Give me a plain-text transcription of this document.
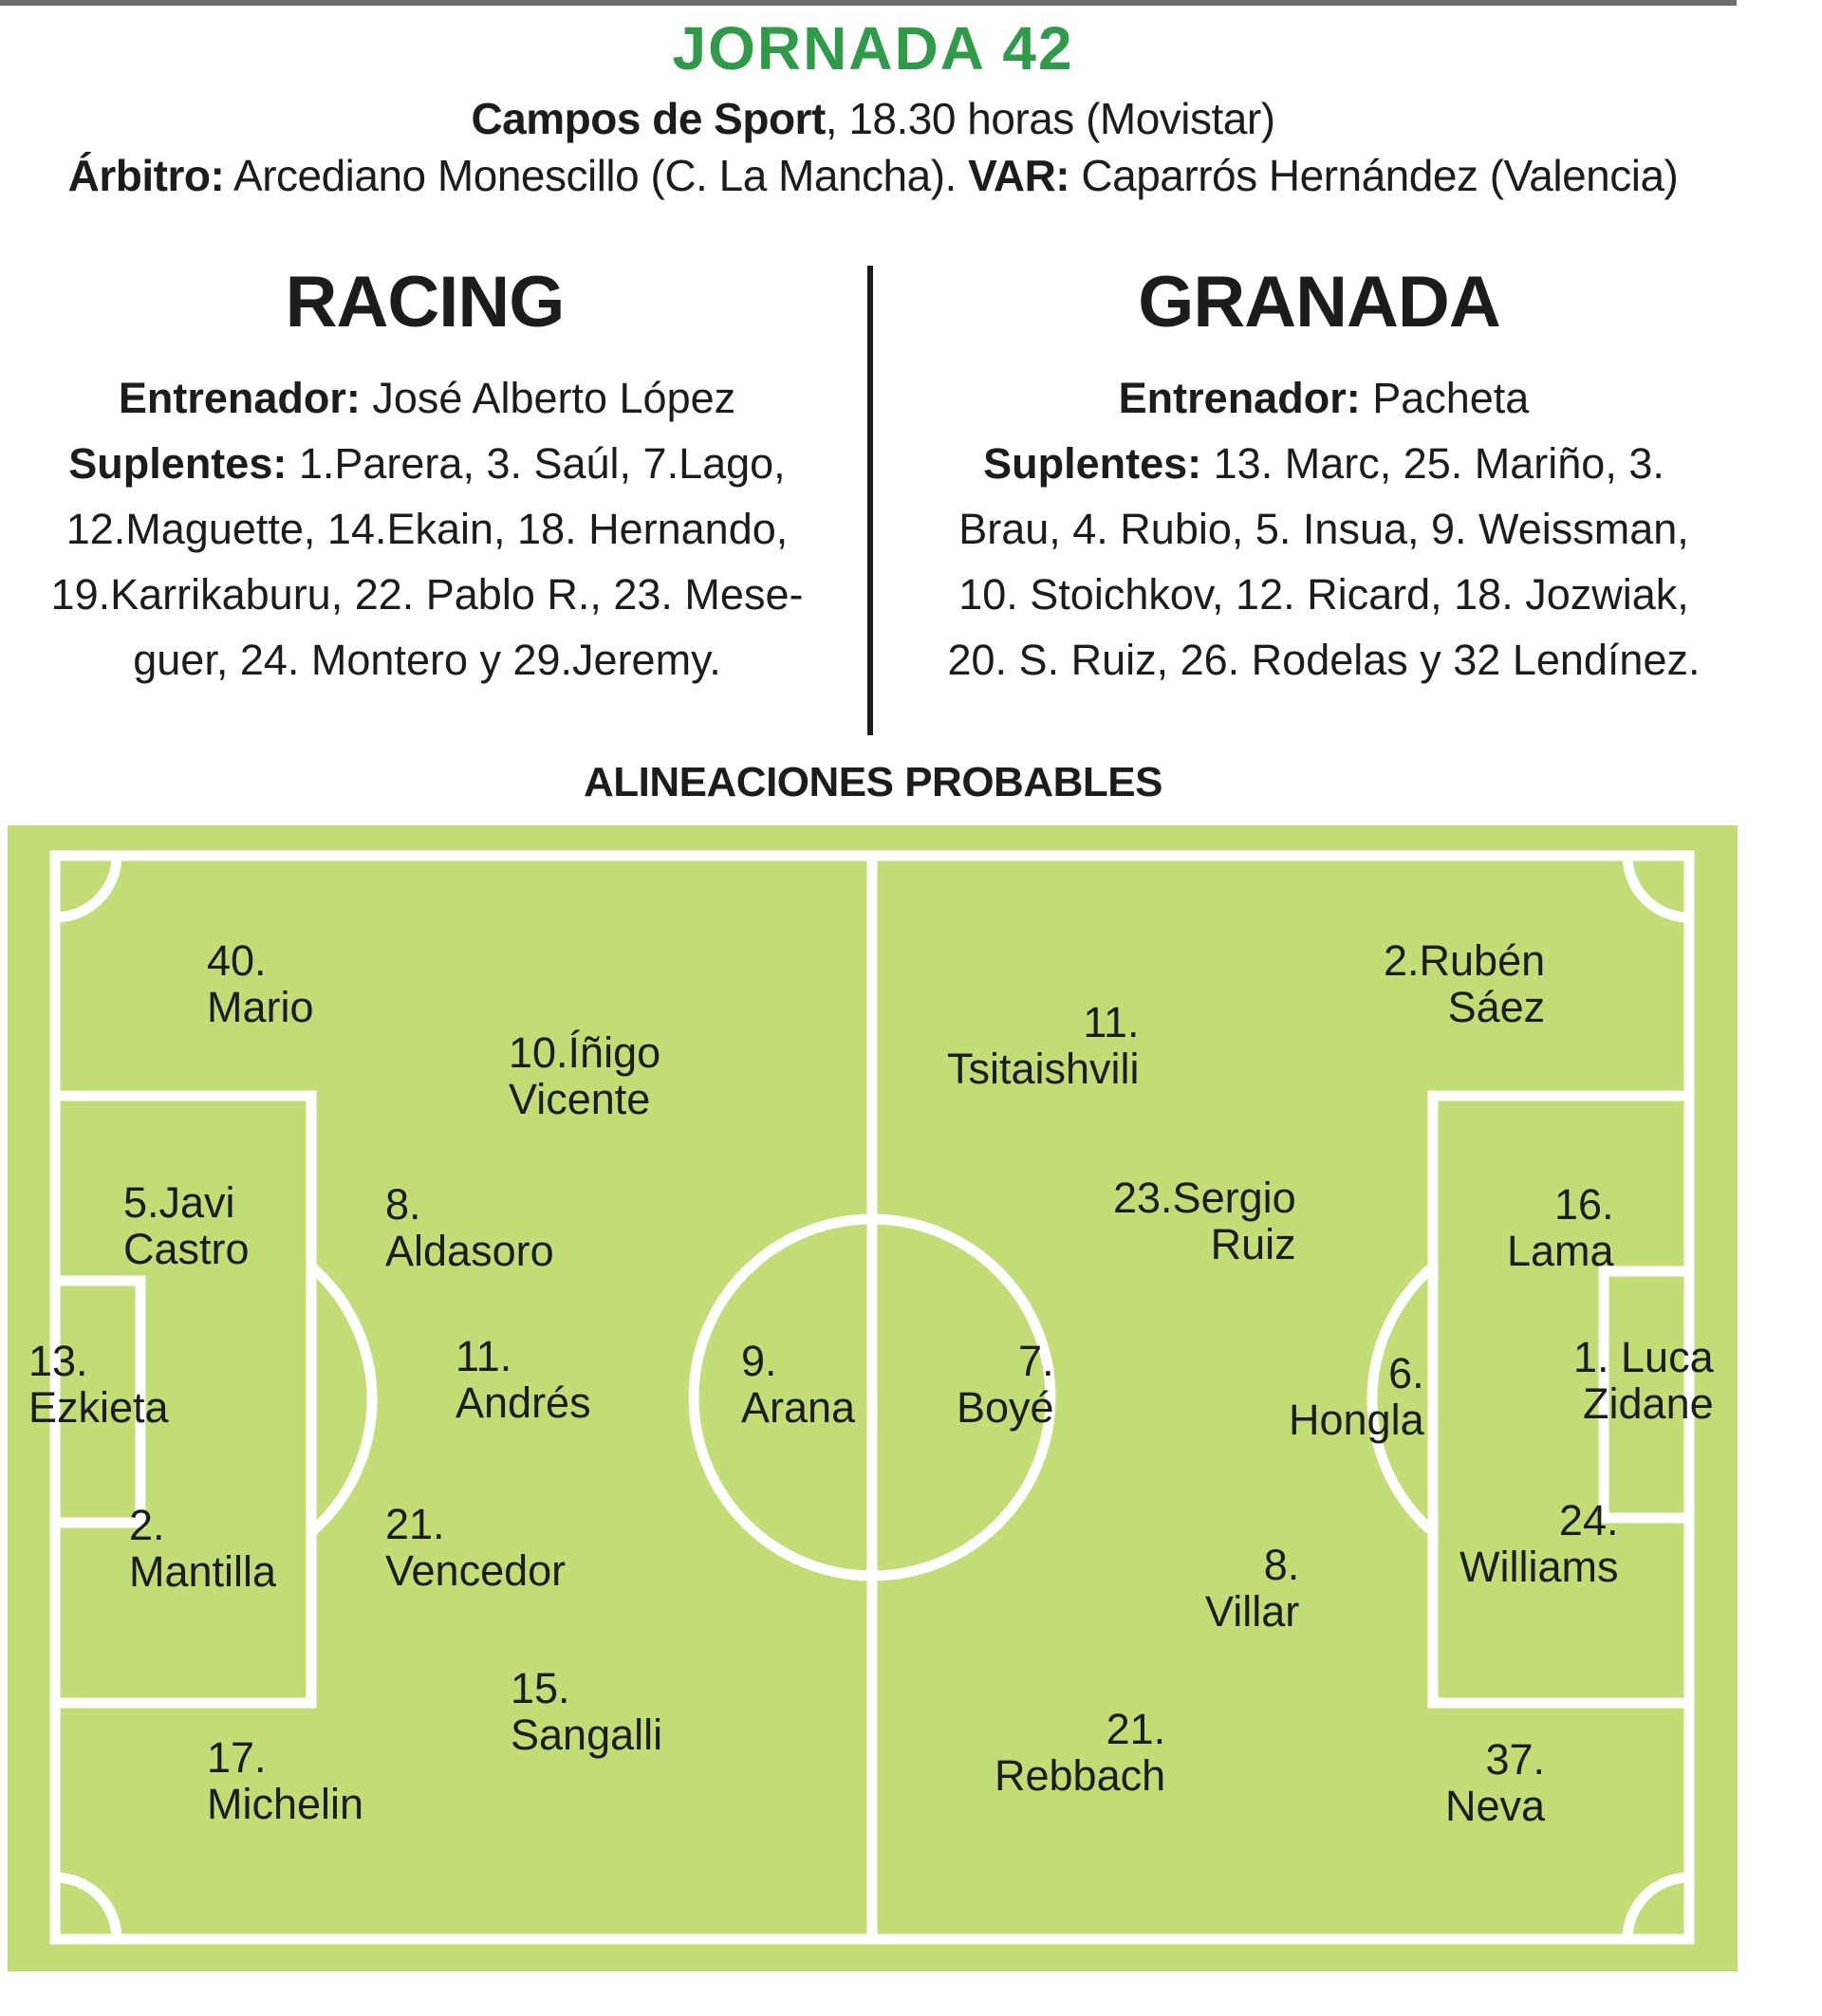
JORNADA 42
Campos de Sport, 18.30 horas (Movistar)
Árbitro: Arcediano Monescillo (C. La Mancha). VAR: Caparrós Hernández (Valencia)
RACING	GRANADA
Entrenador: José Alberto López
Suplentes: 1.Parera, 3. Saúl, 7.Lago,
12.Maguette, 14.Ekain, 18. Hernando,
19.Karrikaburu, 22. Pablo R., 23. Mese-
guer, 24. Montero y 29.Jeremy.
Entrenador: Pacheta
Suplentes: 13. Marc, 25. Mariño, 3.
Brau, 4. Rubio, 5. Insua, 9. Weissman,
10. Stoichkov, 12. Ricard, 18. Jozwiak,
20. S. Ruiz, 26. Rodelas y 32 Lendínez.
ALINEACIONES PROBABLES
13.
Ezkieta
40.
Mario
5.Javi
Castro
2.
Mantilla
17.
Michelin
10.Íñigo
Vicente
8.
Aldasoro
11.
Andrés
21.
Vencedor
15.
Sangalli
9.
Arana
7.
Boyé
11.
Tsitaishvili
23.Sergio
Ruiz
8.
Villar
21.
Rebbach
2.Rubén
Sáez
16.
Lama
6.
Hongla
24.
Williams
37.
Neva
1. Luca
Zidane
